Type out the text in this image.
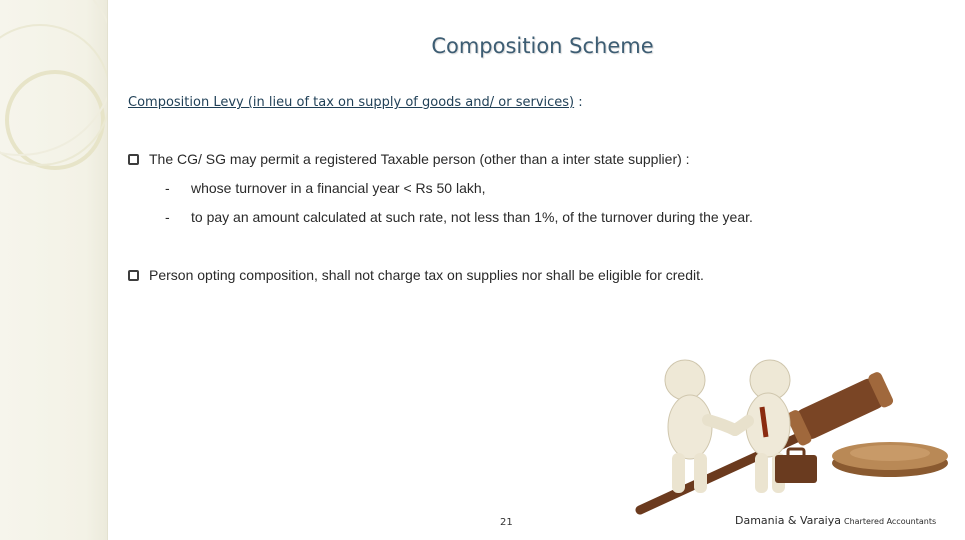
Composition Scheme
Composition Levy (in lieu of tax on supply of goods and/ or services) :
The CG/ SG may permit a registered Taxable person (other than a inter state supplier) :
- whose turnover in a financial year < Rs 50 lakh,
- to pay an amount calculated at such rate, not less than 1%, of the turnover during the year.
Person opting composition, shall not charge tax on supplies nor shall be eligible for credit.
21	Damania & Varaiya Chartered Accountants
